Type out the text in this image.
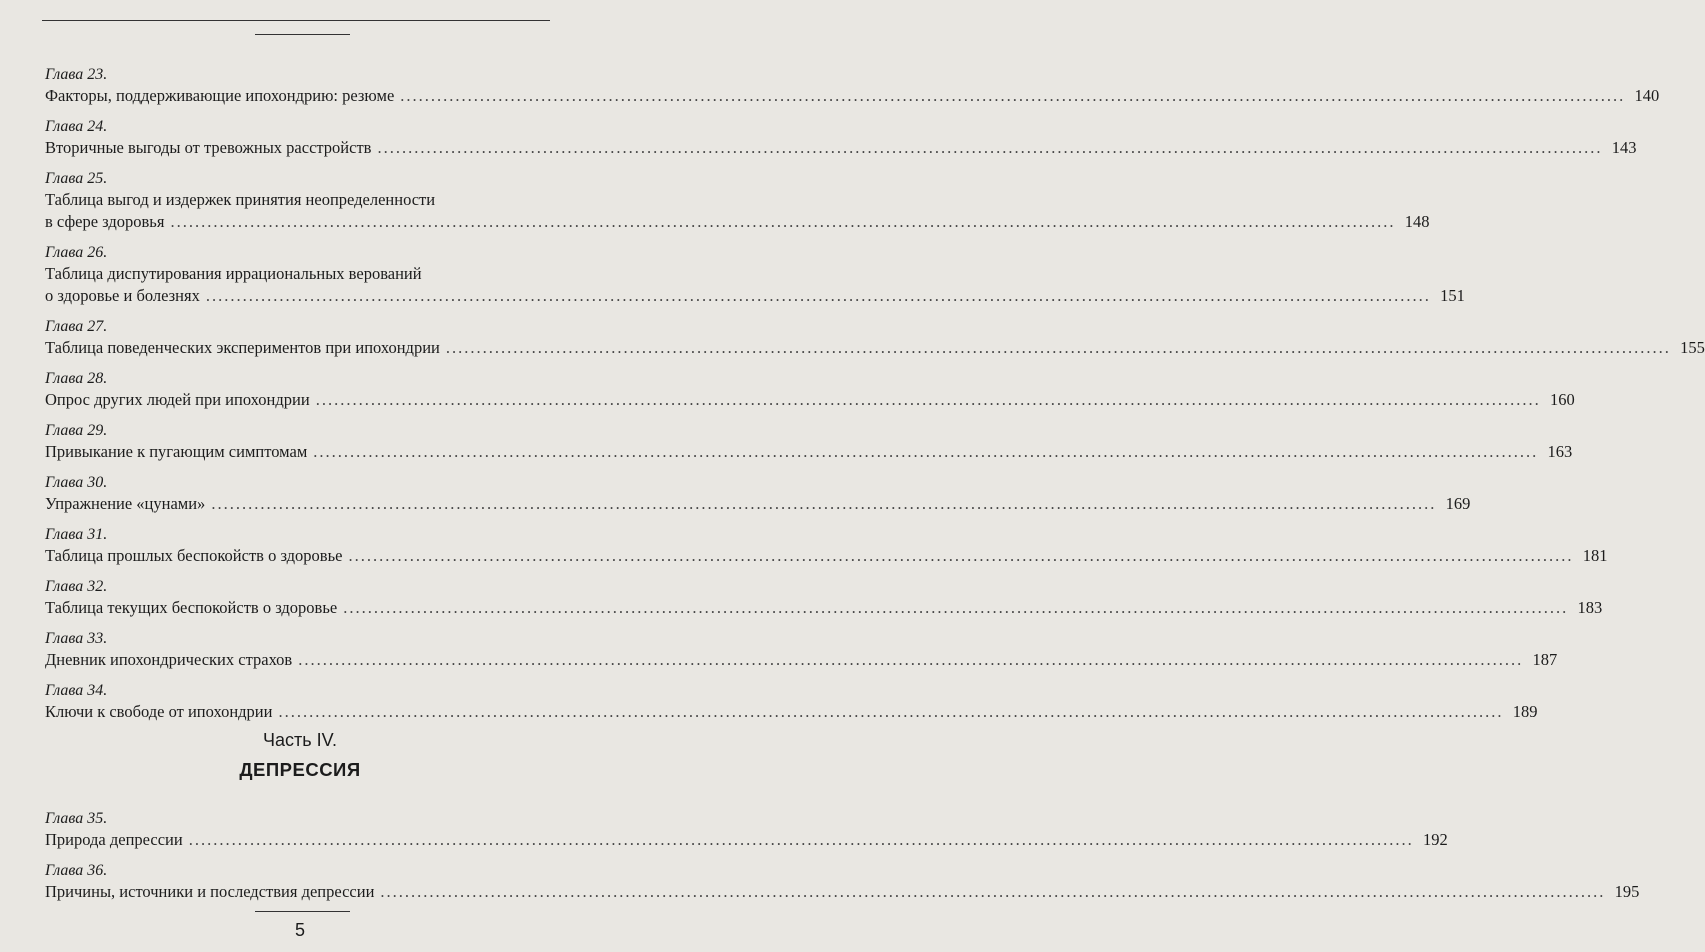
Глава 23.
Факторы, поддерживающие ипохондрию: резюме ........................................................................................................................................................................................................ 140
Глава 24.
Вторичные выгоды от тревожных расстройств ........................................................................................................................................................................................................ 143
Глава 25.
Таблица выгод и издержек принятия неопределенности
в сфере здоровья ........................................................................................................................................................................................................ 148
Глава 26.
Таблица диспутирования иррациональных верований
о здоровье и болезнях ........................................................................................................................................................................................................ 151
Глава 27.
Таблица поведенческих экспериментов при ипохондрии ........................................................................................................................................................................................................ 155
Глава 28.
Опрос других людей при ипохондрии ........................................................................................................................................................................................................ 160
Глава 29.
Привыкание к пугающим симптомам ........................................................................................................................................................................................................ 163
Глава 30.
Упражнение «цунами» ........................................................................................................................................................................................................ 169
Глава 31.
Таблица прошлых беспокойств о здоровье ........................................................................................................................................................................................................ 181
Глава 32.
Таблица текущих беспокойств о здоровье ........................................................................................................................................................................................................ 183
Глава 33.
Дневник ипохондрических страхов ........................................................................................................................................................................................................ 187
Глава 34.
Ключи к свободе от ипохондрии ........................................................................................................................................................................................................ 189
Часть IV.
ДЕПРЕССИЯ
Глава 35.
Природа депрессии ........................................................................................................................................................................................................ 192
Глава 36.
Причины, источники и последствия депрессии ........................................................................................................................................................................................................ 195
5
